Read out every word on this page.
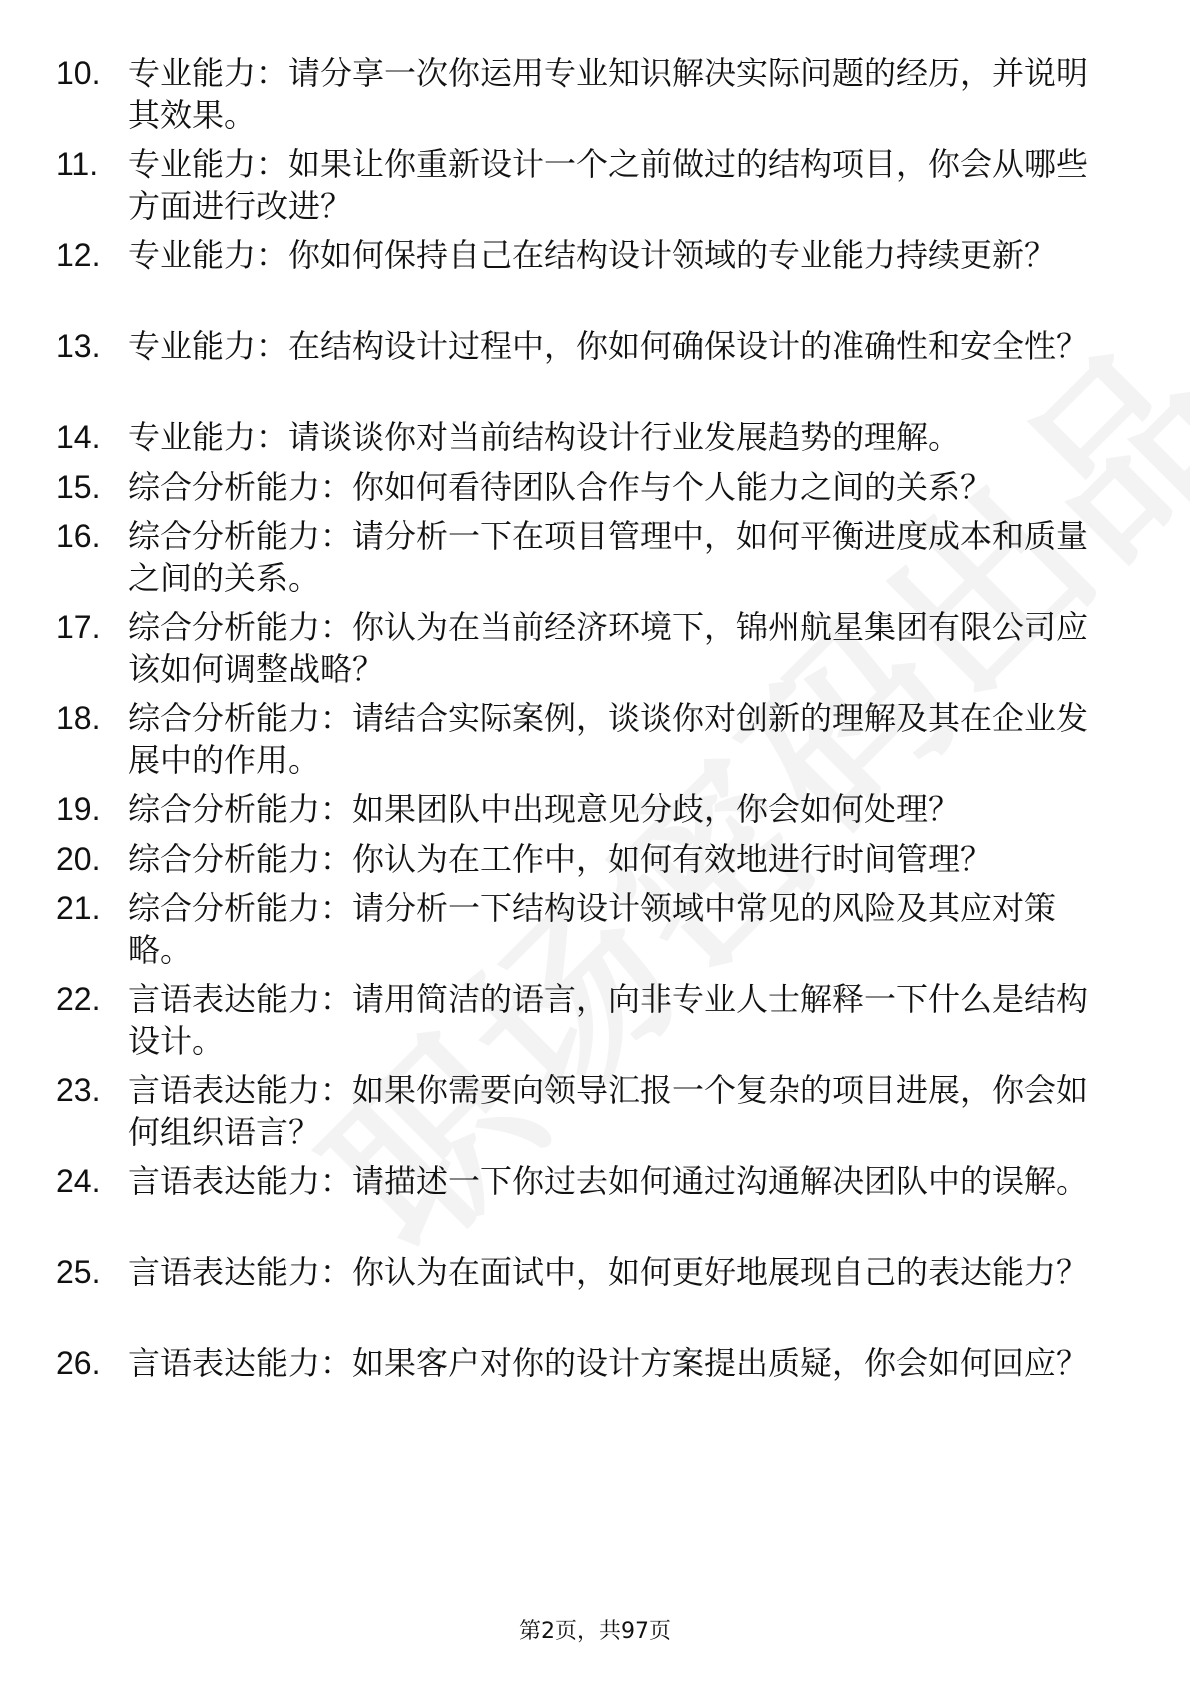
10. 专业能力：请分享一次你运用专业知识解决实际问题的经历，并说明其效果。
11. 专业能力：如果让你重新设计一个之前做过的结构项目，你会从哪些方面进行改进？
12. 专业能力：你如何保持自己在结构设计领域的专业能力持续更新？
13. 专业能力：在结构设计过程中，你如何确保设计的准确性和安全性？
14. 专业能力：请谈谈你对当前结构设计行业发展趋势的理解。
15. 综合分析能力：你如何看待团队合作与个人能力之间的关系？
16. 综合分析能力：请分析一下在项目管理中，如何平衡进度成本和质量之间的关系。
17. 综合分析能力：你认为在当前经济环境下，锦州航星集团有限公司应该如何调整战略？
18. 综合分析能力：请结合实际案例，谈谈你对创新的理解及其在企业发展中的作用。
19. 综合分析能力：如果团队中出现意见分歧，你会如何处理？
20. 综合分析能力：你认为在工作中，如何有效地进行时间管理？
21. 综合分析能力：请分析一下结构设计领域中常见的风险及其应对策略。
22. 言语表达能力：请用简洁的语言，向非专业人士解释一下什么是结构设计。
23. 言语表达能力：如果你需要向领导汇报一个复杂的项目进展，你会如何组织语言？
24. 言语表达能力：请描述一下你过去如何通过沟通解决团队中的误解。
25. 言语表达能力：你认为在面试中，如何更好地展现自己的表达能力？
26. 言语表达能力：如果客户对你的设计方案提出质疑，你会如何回应？
第2页，共97页
